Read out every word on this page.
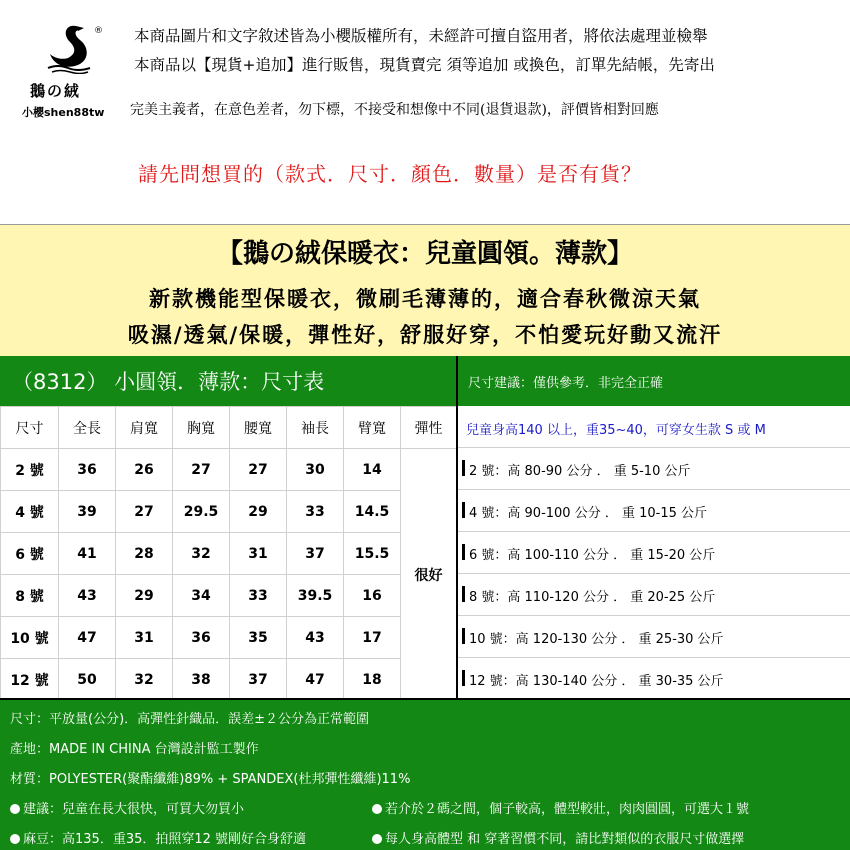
®
鵝の絨
小櫻shen88tw
本商品圖片和文字敘述皆為小櫻版權所有，未經許可擅自盜用者，將依法處理並檢舉
本商品以【現貨+追加】進行販售，現貨賣完 須等追加 或換色，訂單先結帳，先寄出
完美主義者，在意色差者，勿下標，不接受和想像中不同(退貨退款)，評價皆相對回應
請先問想買的（款式．尺寸．顏色．數量）是否有貨？
【鵝の絨保暖衣：兒童圓領。薄款】
新款機能型保暖衣，微刷毛薄薄的，適合春秋微涼天氣
吸濕/透氣/保暖，彈性好，舒服好穿，不怕愛玩好動又流汗
（8312） 小圓領．薄款：尺寸表	尺寸建議：僅供參考．非完全正確
尺寸	全長	肩寬	胸寬	腰寬	袖長	臂寬	彈性
2 號	36	26	27	27	30	14	很好
4 號	39	27	29.5	29	33	14.5	
6 號	41	28	32	31	37	15.5	
8 號	43	29	34	33	39.5	16	
10 號	47	31	36	35	43	17	
12 號	50	32	38	37	47	18	
兒童身高140 以上，重35~40，可穿女生款 S 或 M
2 號：高 80-90 公分 ． 重 5-10 公斤
4 號：高 90-100 公分 ． 重 10-15 公斤
6 號：高 100-110 公分 ． 重 15-20 公斤
8 號：高 110-120 公分 ． 重 20-25 公斤
10 號：高 120-130 公分 ． 重 25-30 公斤
12 號：高 130-140 公分 ． 重 30-35 公斤
尺寸：平放量(公分)．高彈性針織品．誤差±２公分為正常範圍
產地：MADE IN CHINA 台灣設計監工製作
材質：POLYESTER(聚酯纖維)89% + SPANDEX(杜邦彈性纖維)11%
建議：兒童在長大很快，可買大勿買小	若介於２碼之間，個子較高，體型較壯，肉肉圓圓，可選大１號
麻豆：高135．重35．拍照穿12 號剛好合身舒適	每人身高體型 和 穿著習慣不同，請比對類似的衣服尺寸做選擇
